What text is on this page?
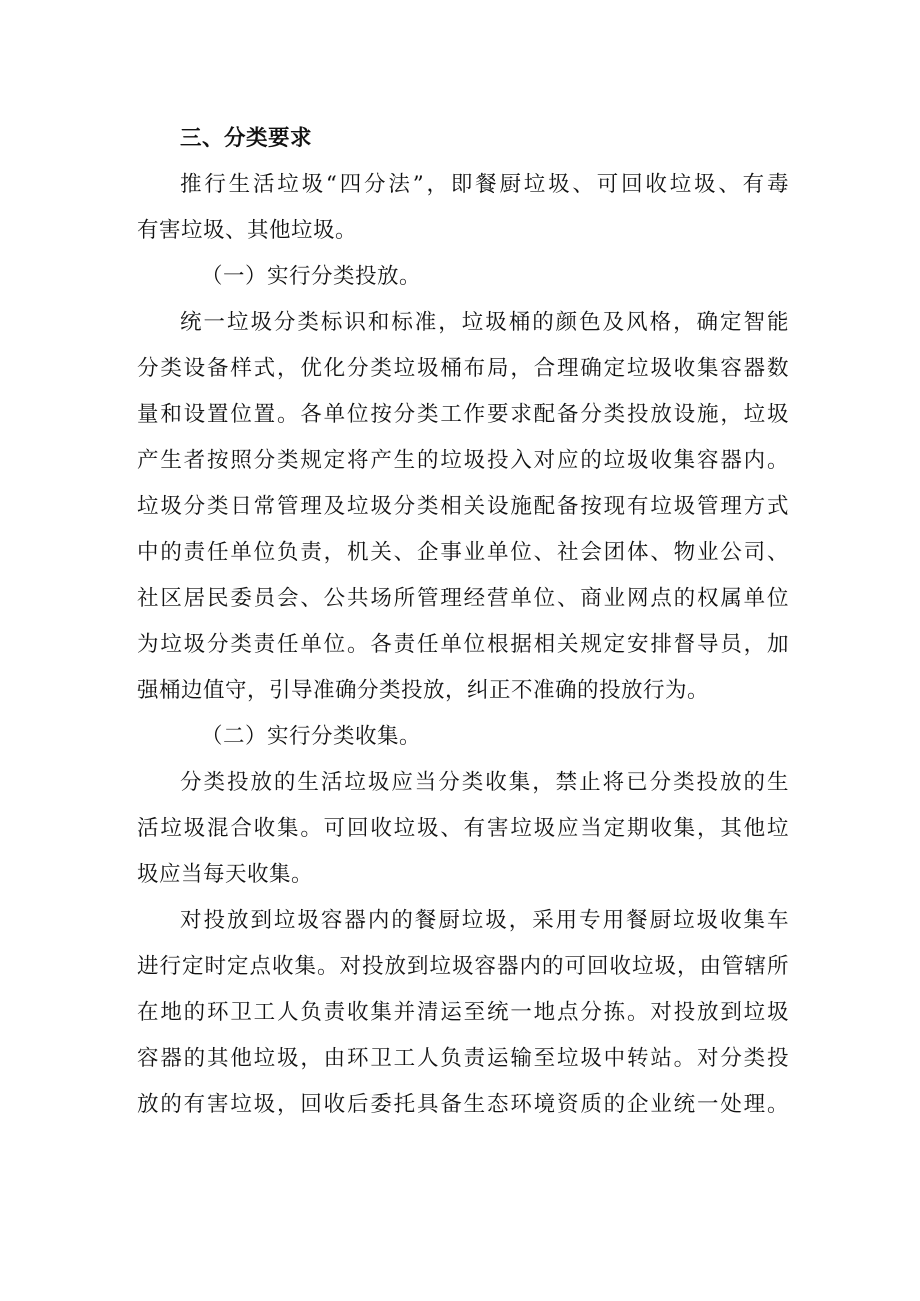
三、分类要求
推行生活垃圾“四分法”，即餐厨垃圾、可回收垃圾、有毒
有害垃圾、其他垃圾。
（一）实行分类投放。
统一垃圾分类标识和标准，垃圾桶的颜色及风格，确定智能
分类设备样式，优化分类垃圾桶布局，合理确定垃圾收集容器数
量和设置位置。各单位按分类工作要求配备分类投放设施，垃圾
产生者按照分类规定将产生的垃圾投入对应的垃圾收集容器内。
垃圾分类日常管理及垃圾分类相关设施配备按现有垃圾管理方式
中的责任单位负责，机关、企事业单位、社会团体、物业公司、
社区居民委员会、公共场所管理经营单位、商业网点的权属单位
为垃圾分类责任单位。各责任单位根据相关规定安排督导员，加
强桶边值守，引导准确分类投放，纠正不准确的投放行为。
（二）实行分类收集。
分类投放的生活垃圾应当分类收集，禁止将已分类投放的生
活垃圾混合收集。可回收垃圾、有害垃圾应当定期收集，其他垃
圾应当每天收集。
对投放到垃圾容器内的餐厨垃圾，采用专用餐厨垃圾收集车
进行定时定点收集。对投放到垃圾容器内的可回收垃圾，由管辖所
在地的环卫工人负责收集并清运至统一地点分拣。对投放到垃圾
容器的其他垃圾，由环卫工人负责运输至垃圾中转站。对分类投
放的有害垃圾，回收后委托具备生态环境资质的企业统一处理。
